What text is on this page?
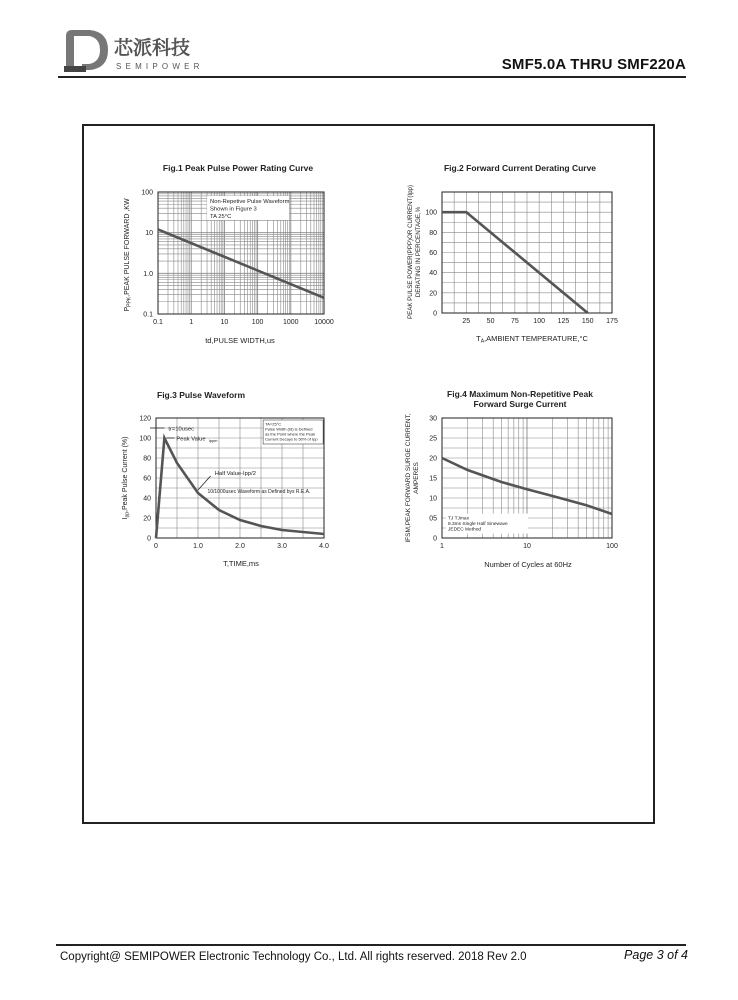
芯派科技
SEMIPOWER	SMF5.0A THRU SMF220A
Fig.1 Peak Pulse Power Rating Curve
0.1	1	10	100	1000 10000
0.1
1.0
10
100
Non-Repetive Pulse Waveform
Shown in Figure 3
TA 25°C
td,PULSE WIDTH,us
$P_{PPK},PEAK$ PULSE FORWARD ,KW
Fig.2 Forward Current Derating Curve
25 50 75 100 125 150 175
0
20
40
60
80
100
$T_A,AMBIENT$ TEMPERATURE,°C
PEAK PULSE POWER(PPP)OR CURRENT(Ipp) DERATING IN PERCENTAGE,%
Fig.3 Pulse Waveform
0	1.0	2.0	3.0	4.0
0
20
40
60
80
100
120
tr=10usec
Peak Value $_{Ippm}$
Half Value-Ipp/2
10/1000usec Waveform as Defined bys R.E.A.
TA=25°C
Pulse Width (td) is Defined
as the Point where the Peak
Current Decays to 50% of Ipp
T,TIME,ms
$I_{pp},Peak$ Pulse Current (%)
Fig.4 Maximum Non-Repetitive Peak
Forward Surge Current
1	10	100
0
05
10
15
20
25
30
TJ TJmax
8.3ms Single Half Sinewave
JEDEC Method
Number of Cycles at 60Hz
IFSM,PEAK FORWARD SURGE CURRENT, AMPERES
Copyright@ SEMIPOWER Electronic Technology Co., Ltd. All rights reserved. 2018 Rev 2.0	Page 3 of 4
